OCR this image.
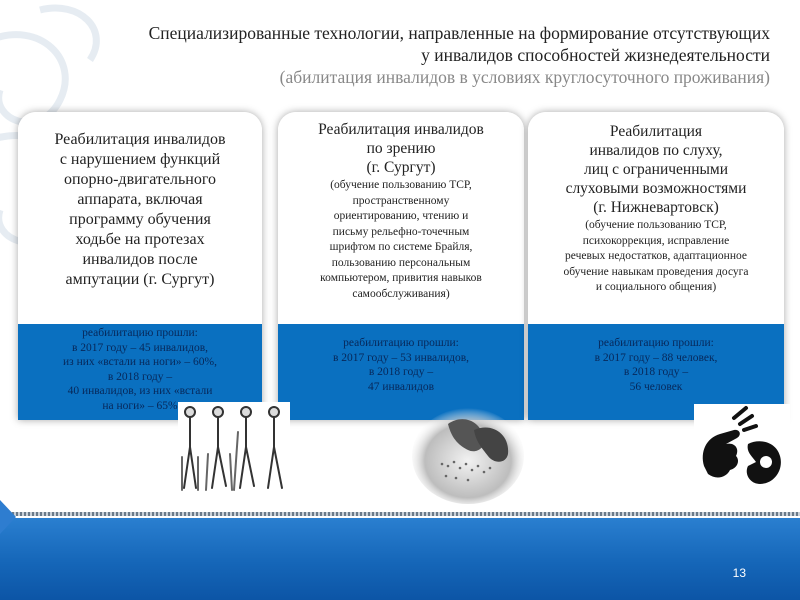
Специализированные технологии, направленные на формирование отсутствующих
у инвалидов способностей жизнедеятельности
(абилитация инвалидов в условиях круглосуточного проживания)
Реабилитация инвалидов
с нарушением функций
опорно-двигательного
аппарата, включая
программу обучения
ходьбе на протезах
инвалидов после
ампутации (г. Сургут)
реабилитацию прошли:
в 2017 году – 45 инвалидов,
из них «встали на ноги» – 60%,
в 2018 году –
40 инвалидов, из них «встали
на ноги» – 65%
Реабилитация инвалидов
по зрению
(г. Сургут)
(обучение пользованию ТСР,
пространственному
ориентированию, чтению и
письму рельефно-точечным
шрифтом по системе Брайля,
пользованию персональным
компьютером, привития навыков
самообслуживания)
реабилитацию прошли:
в 2017 году – 53 инвалидов,
в 2018 году –
47 инвалидов
Реабилитация
инвалидов по слуху,
лиц с ограниченными
слуховыми возможностями
(г. Нижневартовск)
(обучение пользованию ТСР,
психокоррекция, исправление
речевых недостатков, адаптационное
обучение навыкам проведения досуга
и социального общения)
реабилитацию прошли:
в 2017 году – 88 человек,
в 2018 году –
56 человек
13
